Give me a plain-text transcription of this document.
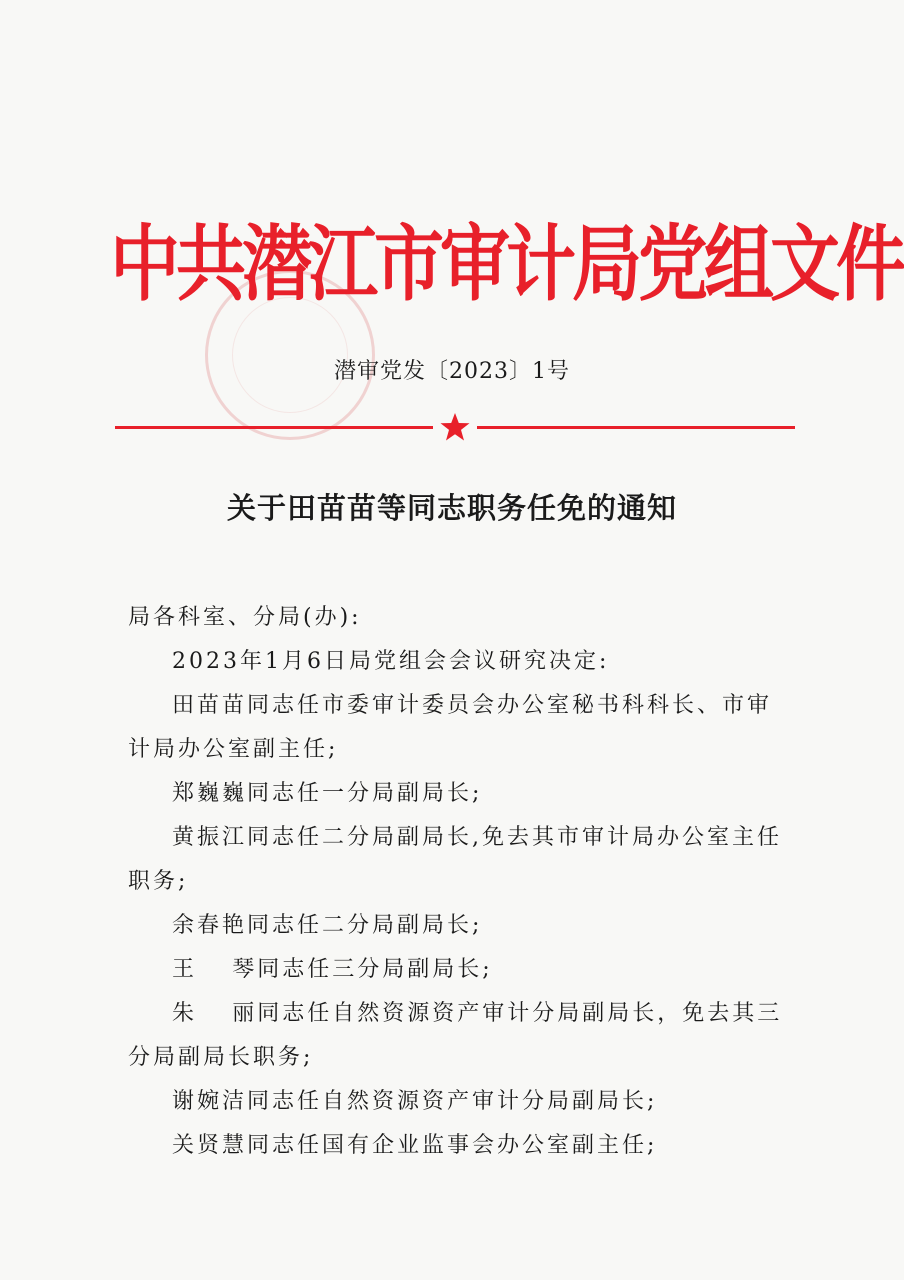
中共潜江市审计局党组文件
潜审党发〔2023〕1号
关于田苗苗等同志职务任免的通知

局各科室、分局(办):

2023年1月6日局党组会会议研究决定:

田苗苗同志任市委审计委员会办公室秘书科科长、市审计局办公室副主任;

郑巍巍同志任一分局副局长;

黄振江同志任二分局副局长,免去其市审计局办公室主任职务;

余春艳同志任二分局副局长;

王 琴同志任三分局副局长;

朱 丽同志任自然资源资产审计分局副局长，免去其三分局副局长职务;

谢婉洁同志任自然资源资产审计分局副局长;

关贤慧同志任国有企业监事会办公室副主任;
